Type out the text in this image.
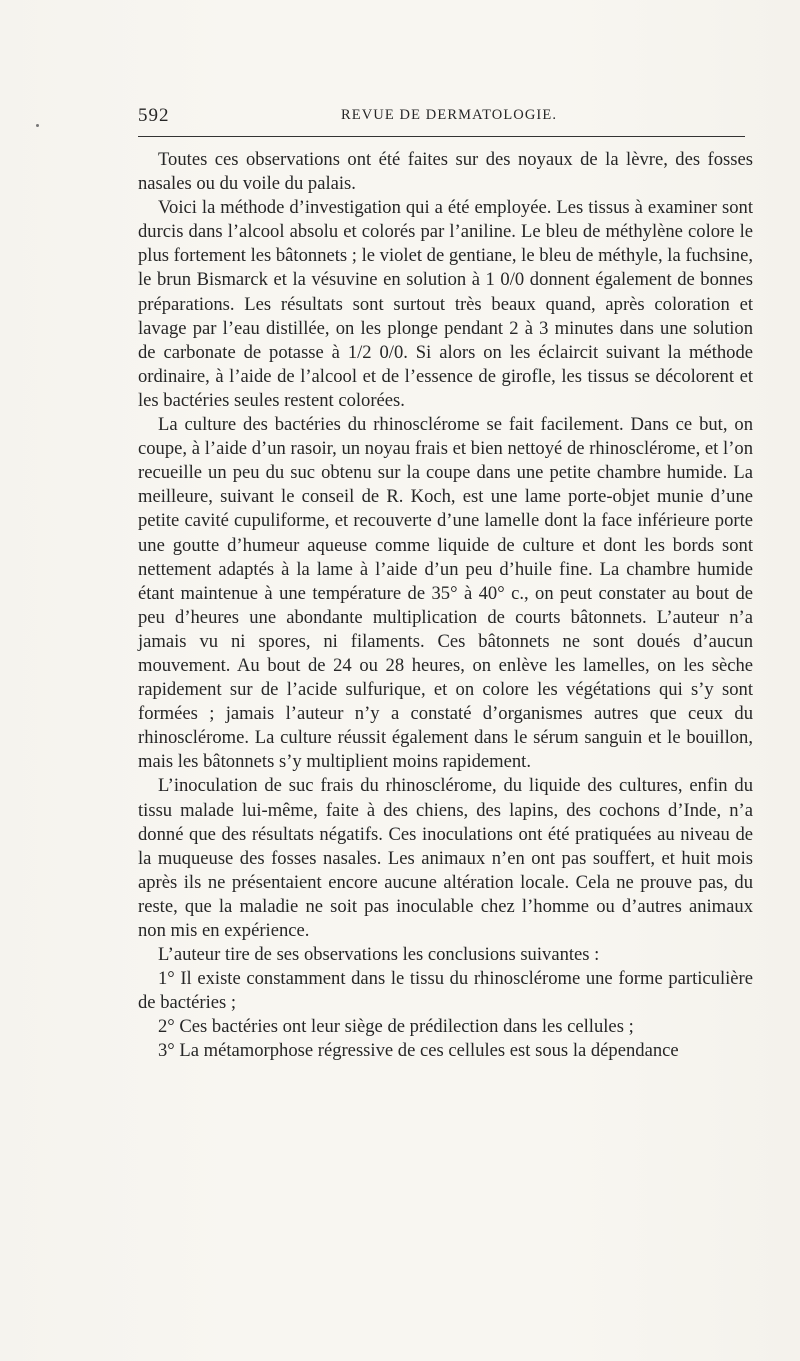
592	REVUE DE DERMATOLOGIE.

Toutes ces observations ont été faites sur des noyaux de la lèvre, des fosses nasales ou du voile du palais.

Voici la méthode d’investigation qui a été employée. Les tissus à examiner sont durcis dans l’alcool absolu et colorés par l’aniline. Le bleu de méthylène colore le plus fortement les bâtonnets ; le violet de gentiane, le bleu de méthyle, la fuchsine, le brun Bismarck et la vésuvine en solution à 1 0/0 donnent également de bonnes préparations. Les résultats sont surtout très beaux quand, après coloration et lavage par l’eau distillée, on les plonge pendant 2 à 3 minutes dans une solution de carbonate de potasse à 1/2 0/0. Si alors on les éclaircit suivant la méthode ordinaire, à l’aide de l’alcool et de l’essence de girofle, les tissus se décolorent et les bactéries seules restent colorées.

La culture des bactéries du rhinosclérome se fait facilement. Dans ce but, on coupe, à l’aide d’un rasoir, un noyau frais et bien nettoyé de rhinosclérome, et l’on recueille un peu du suc obtenu sur la coupe dans une petite chambre humide. La meilleure, suivant le conseil de R. Koch, est une lame porte-objet munie d’une petite cavité cupuliforme, et recouverte d’une lamelle dont la face inférieure porte une goutte d’humeur aqueuse comme liquide de culture et dont les bords sont nettement adaptés à la lame à l’aide d’un peu d’huile fine. La chambre humide étant maintenue à une température de 35° à 40° c., on peut constater au bout de peu d’heures une abondante multiplication de courts bâtonnets. L’auteur n’a jamais vu ni spores, ni filaments. Ces bâtonnets ne sont doués d’aucun mouvement. Au bout de 24 ou 28 heures, on enlève les lamelles, on les sèche rapidement sur de l’acide sulfurique, et on colore les végétations qui s’y sont formées ; jamais l’auteur n’y a constaté d’organismes autres que ceux du rhinosclérome. La culture réussit également dans le sérum sanguin et le bouillon, mais les bâtonnets s’y multiplient moins rapidement.

L’inoculation de suc frais du rhinosclérome, du liquide des cultures, enfin du tissu malade lui-même, faite à des chiens, des lapins, des cochons d’Inde, n’a donné que des résultats négatifs. Ces inoculations ont été pratiquées au niveau de la muqueuse des fosses nasales. Les animaux n’en ont pas souffert, et huit mois après ils ne présentaient encore aucune altération locale. Cela ne prouve pas, du reste, que la maladie ne soit pas inoculable chez l’homme ou d’autres animaux non mis en expérience.

L’auteur tire de ses observations les conclusions suivantes :

1° Il existe constamment dans le tissu du rhinosclérome une forme particulière de bactéries ;

2° Ces bactéries ont leur siège de prédilection dans les cellules ;

3° La métamorphose régressive de ces cellules est sous la dépendance
